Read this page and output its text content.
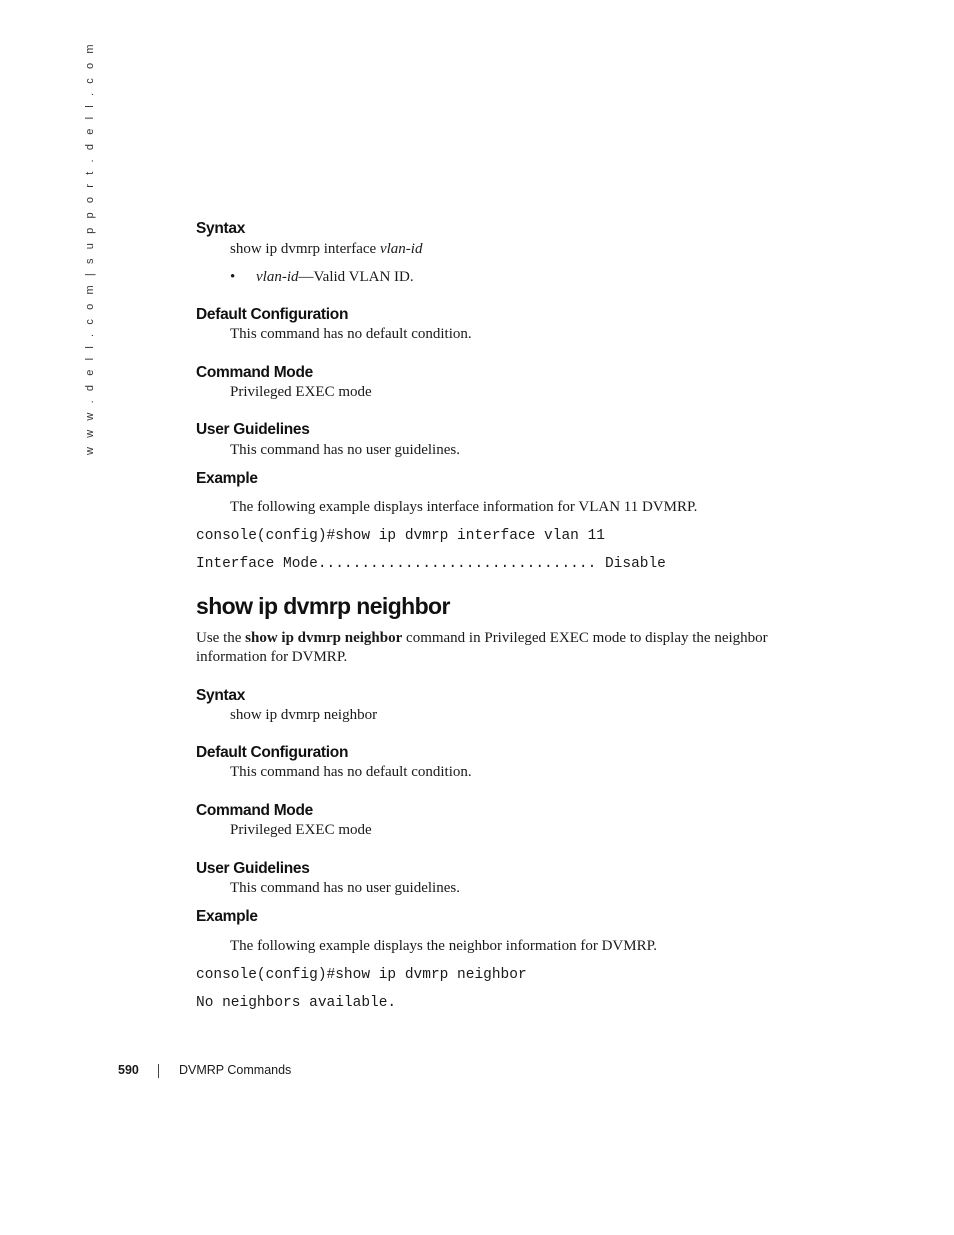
w w w . d e l l . c o m | s u p p o r t . d e l l . c o m	Syntax
show ip dvmrp interface vlan-id
• vlan-id—Valid VLAN ID.
Default Configuration
This command has no default condition.
Command Mode
Privileged EXEC mode
User Guidelines
This command has no user guidelines.
Example
The following example displays interface information for VLAN 11 DVMRP.
console(config)#show ip dvmrp interface vlan 11
Interface Mode................................ Disable
show ip dvmrp neighbor
Use the show ip dvmrp neighbor command in Privileged EXEC mode to display the neighbor
information for DVMRP.
Syntax
show ip dvmrp neighbor
Default Configuration
This command has no default condition.
Command Mode
Privileged EXEC mode
User Guidelines
This command has no user guidelines.
Example
The following example displays the neighbor information for DVMRP.
console(config)#show ip dvmrp neighbor
No neighbors available.
590	DVMRP Commands
